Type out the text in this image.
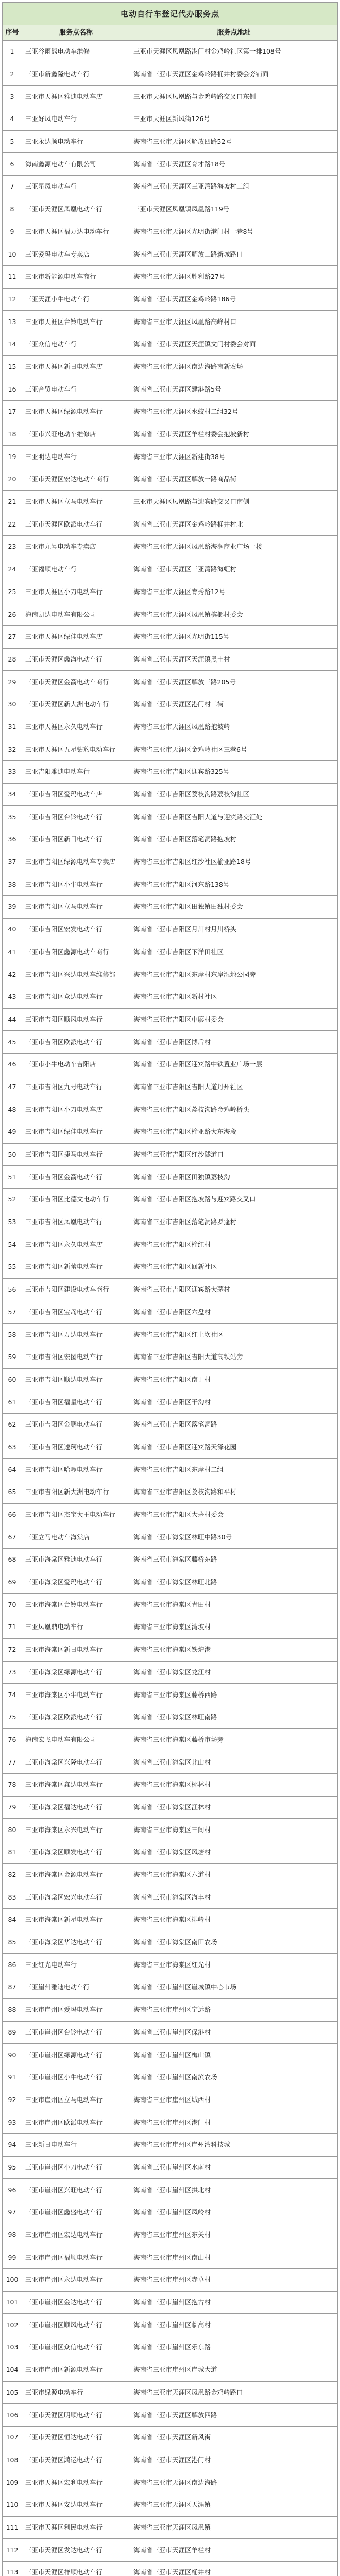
电动自行车登记代办服务点
序号	服务点名称	服务点地址
1	三亚谷雨熊电动车维修	三亚市天涯区凤凰路港门村金鸡岭社区第一排108号
2	三亚市新鑫隆电动车行	海南省三亚市天涯区金鸡岭路桶井村委会旁铺面
3	三亚市天涯区雅迪电动车店	三亚市天涯区凤凰路与金鸡岭路交叉口东侧
4	三亚好凤电动车行	三亚市天涯区新风街126号
5	三亚永达顺电动车行	海南省三亚市天涯区解放四路52号
6	海南鑫源电动车有限公司	海南省三亚市天涯区育才路18号
7	三亚星凤电动车行	海南省三亚市天涯区三亚湾路海坡村二组
8	三亚市天涯区凤凰电动车行	三亚市天涯区凤凰镇凤凰路119号
9	三亚市天涯区福万达电动车行	海南省三亚市天涯区光明街港门村一巷8号
10	三亚爱玛电动车专卖店	海南省三亚市天涯区解放二路新城路口
11	三亚市新能源电动车商行	海南省三亚市天涯区胜利路27号
12	三亚天涯小牛电动车行	海南省三亚市天涯区金鸡岭路186号
13	三亚市天涯区台铃电动车行	海南省三亚市天涯区凤凰路高峰村口
14	三亚众信电动车行	海南省三亚市天涯区天涯镇文门村委会对面
15	三亚市天涯区新日电动车店	海南省三亚市天涯区南边海路南新农场
16	三亚合贸电动车行	海南省三亚市天涯区建港路5号
17	三亚市天涯区绿源电动车行	海南省三亚市天涯区水蛟村二组32号
18	三亚市兴旺电动车维修店	海南省三亚市天涯区羊栏村委会抱坡新村
19	三亚明达电动车行	海南省三亚市天涯区新建街38号
20	三亚市天涯区宏达电动车商行	海南省三亚市天涯区解放一路商品街
21	三亚市天涯区立马电动车行	三亚市天涯区凤凰路与迎宾路交叉口南侧
22	三亚市天涯区欧派电动车行	海南省三亚市天涯区金鸡岭路桶井村北
23	三亚市九号电动车专卖店	海南省三亚市天涯区凤凰路海润商业广场一楼
24	三亚福顺电动车行	海南省三亚市天涯区三亚湾路海虹村
25	三亚市天涯区小刀电动车行	海南省三亚市天涯区育秀路12号
26	海南凯达电动车有限公司	海南省三亚市天涯区凤凰镇槟榔村委会
27	三亚市天涯区绿佳电动车店	海南省三亚市天涯区光明街115号
28	三亚市天涯区鑫海电动车行	海南省三亚市天涯区天涯镇黑土村
29	三亚市天涯区金箭电动车商行	海南省三亚市天涯区解放三路205号
30	三亚市天涯区新大洲电动车行	海南省三亚市天涯区港门村二街
31	三亚市天涯区永久电动车行	海南省三亚市天涯区凤凰路抱坡岭
32	三亚市天涯区五星钻豹电动车行	海南省三亚市天涯区金鸡岭社区三巷6号
33	三亚吉阳雅迪电动车行	海南省三亚市吉阳区迎宾路325号
34	三亚市吉阳区爱玛电动车店	海南省三亚市吉阳区荔枝沟路荔枝沟社区
35	三亚市吉阳区台铃电动车行	海南省三亚市吉阳区吉阳大道与迎宾路交汇处
36	三亚市吉阳区新日电动车行	海南省三亚市吉阳区落笔洞路抱坡村
37	三亚市吉阳区绿源电动车专卖店	海南省三亚市吉阳区红沙社区榆亚路18号
38	三亚市吉阳区小牛电动车行	海南省三亚市吉阳区河东路138号
39	三亚市吉阳区立马电动车行	海南省三亚市吉阳区田独镇田独村委会
40	三亚市吉阳区宏发电动车行	海南省三亚市吉阳区月川村月川桥头
41	三亚市吉阳区鑫源电动车商行	海南省三亚市吉阳区下洋田社区
42	三亚市吉阳区兴达电动车维修部	海南省三亚市吉阳区东岸村东岸湿地公园旁
43	三亚市吉阳区众达电动车行	海南省三亚市吉阳区新村社区
44	三亚市吉阳区顺风电动车行	海南省三亚市吉阳区中廖村委会
45	三亚市吉阳区欧派电动车行	海南省三亚市吉阳区博后村
46	三亚市小牛电动车吉阳店	海南省三亚市吉阳区迎宾路中铁置业广场一层
47	三亚市吉阳区九号电动车行	海南省三亚市吉阳区吉阳大道丹州社区
48	三亚市吉阳区小刀电动车店	海南省三亚市吉阳区荔枝沟路金鸡岭桥头
49	三亚市吉阳区绿佳电动车行	海南省三亚市吉阳区榆亚路大东海段
50	三亚市吉阳区捷马电动车行	海南省三亚市吉阳区红沙隧道口
51	三亚市吉阳区金箭电动车行	海南省三亚市吉阳区田独镇荔枝沟
52	三亚市吉阳区比德文电动车行	海南省三亚市吉阳区抱坡路与迎宾路交叉口
53	三亚市吉阳区凤凰电动车行	海南省三亚市吉阳区落笔洞路罗蓬村
54	三亚市吉阳区永久电动车店	海南省三亚市吉阳区榆红村
55	三亚市吉阳区新蕾电动车行	海南省三亚市吉阳区回新社区
56	三亚市吉阳区建设电动车商行	海南省三亚市吉阳区迎宾路大茅村
57	三亚市吉阳区宝岛电动车行	海南省三亚市吉阳区六盘村
58	三亚市吉阳区万达电动车行	海南省三亚市吉阳区红土坎社区
59	三亚市吉阳区宏图电动车行	海南省三亚市吉阳区吉阳大道高铁站旁
60	三亚市吉阳区顺达电动车行	海南省三亚市吉阳区南丁村
61	三亚市吉阳区福星电动车行	海南省三亚市吉阳区干沟村
62	三亚市吉阳区金鹏电动车行	海南省三亚市吉阳区落笔洞路
63	三亚市吉阳区速珂电动车行	海南省三亚市吉阳区迎宾路天泽花园
64	三亚市吉阳区哈啰电动车行	海南省三亚市吉阳区东岸村二组
65	三亚市吉阳区新大洲电动车行	海南省三亚市吉阳区荔枝沟路和平村
66	三亚市吉阳区杰宝大王电动车行	海南省三亚市吉阳区大茅村委会
67	三亚立马电动车海棠店	海南省三亚市海棠区林旺中路30号
68	三亚市海棠区雅迪电动车行	海南省三亚市海棠区藤桥东路
69	三亚市海棠区爱玛电动车行	海南省三亚市海棠区林旺北路
70	三亚市海棠区台铃电动车行	海南省三亚市海棠区青田村
71	三亚凤凰鼎电动车行	海南省三亚市海棠区湾坡村
72	三亚市海棠区新日电动车行	海南省三亚市海棠区铁炉港
73	三亚市海棠区绿源电动车行	海南省三亚市海棠区龙江村
74	三亚市海棠区小牛电动车行	海南省三亚市海棠区藤桥西路
75	三亚市海棠区欧派电动车行	海南省三亚市海棠区林旺南路
76	海南宏飞电动车有限公司	海南省三亚市海棠区藤桥市场旁
77	三亚市海棠区兴隆电动车行	海南省三亚市海棠区北山村
78	三亚市海棠区鑫达电动车行	海南省三亚市海棠区椰林村
79	三亚市海棠区福达电动车行	海南省三亚市海棠区江林村
80	三亚市海棠区永兴电动车行	海南省三亚市海棠区三间村
81	三亚市海棠区顺发电动车行	海南省三亚市海棠区风塘村
82	三亚市海棠区金源电动车行	海南省三亚市海棠区六道村
83	三亚市海棠区宏兴电动车行	海南省三亚市海棠区海丰村
84	三亚市海棠区新星电动车行	海南省三亚市海棠区排岭村
85	三亚市海棠区华达电动车行	海南省三亚市海棠区南田农场
86	三亚红光电动车行	海南省三亚市海棠区红光村
87	三亚崖州雅迪电动车行	海南省三亚市崖州区崖城镇中心市场
88	三亚市崖州区爱玛电动车行	海南省三亚市崖州区宁远路
89	三亚市崖州区台铃电动车行	海南省三亚市崖州区保港村
90	三亚市崖州区绿源电动车行	海南省三亚市崖州区梅山镇
91	三亚市崖州区小牛电动车行	海南省三亚市崖州区南滨农场
92	三亚市崖州区立马电动车行	海南省三亚市崖州区城西村
93	三亚市崖州区欧派电动车行	海南省三亚市崖州区港门村
94	三亚新日电动车行	海南省三亚市崖州区崖州湾科技城
95	三亚市崖州区小刀电动车行	海南省三亚市崖州区水南村
96	三亚市崖州区兴旺电动车行	海南省三亚市崖州区拱北村
97	三亚市崖州区鑫盛电动车行	海南省三亚市崖州区凤岭村
98	三亚市崖州区宏达电动车行	海南省三亚市崖州区东关村
99	三亚市崖州区福顺电动车行	海南省三亚市崖州区南山村
100	三亚市崖州区永达电动车行	海南省三亚市崖州区赤草村
101	三亚市崖州区金达电动车行	海南省三亚市崖州区抱古村
102	三亚市崖州区顺风电动车行	海南省三亚市崖州区临高村
103	三亚市崖州区众信电动车行	海南省三亚市崖州区乐东路
104	三亚市崖州区新源电动车行	海南省三亚市崖州区崖城大道
105	三亚市绿源电动车行	海南省三亚市天涯区凤凰路金鸡岭路口
106	三亚市天涯区明顺电动车行	海南省三亚市天涯区解放四路
107	三亚市天涯区恒达电动车行	海南省三亚市天涯区新风街
108	三亚市天涯区鸿运电动车行	海南省三亚市天涯区港门村
109	三亚市天涯区宏利电动车行	海南省三亚市天涯区南边海路
110	三亚市天涯区安达电动车行	海南省三亚市天涯区天涯镇
111	三亚市天涯区利民电动车行	海南省三亚市天涯区凤凰镇
112	三亚市天涯区发达电动车行	海南省三亚市天涯区羊栏村
113	三亚市天涯区祥顺电动车行	海南省三亚市天涯区桶井村
